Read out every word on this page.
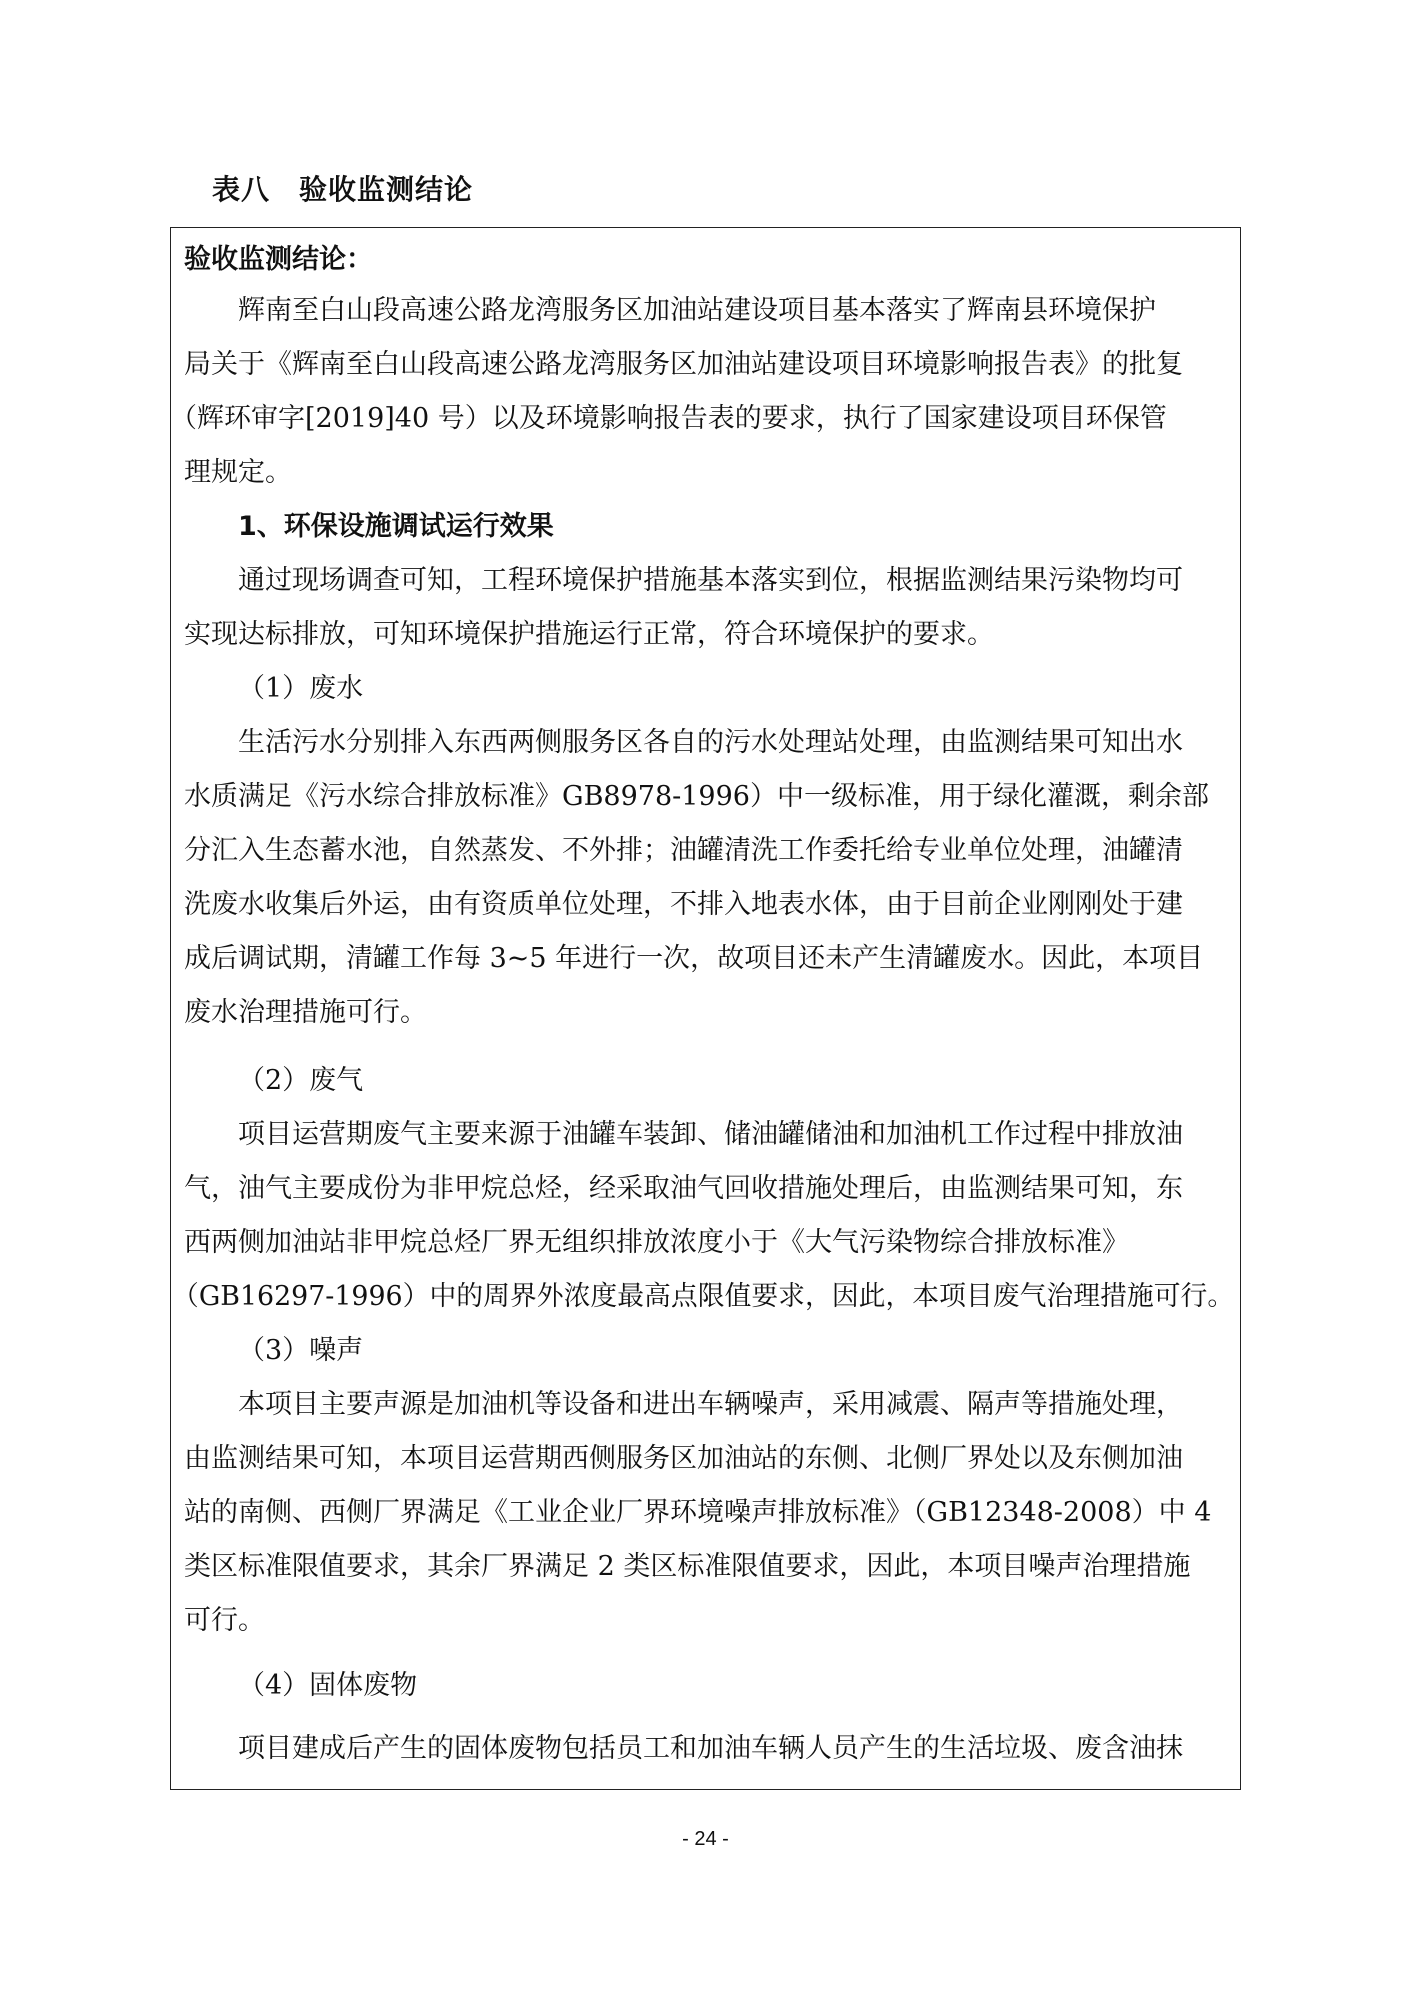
表八　验收监测结论
验收监测结论：
辉南至白山段高速公路龙湾服务区加油站建设项目基本落实了辉南县环境保护
局关于《辉南至白山段高速公路龙湾服务区加油站建设项目环境影响报告表》的批复
（辉环审字[2019]40 号）以及环境影响报告表的要求，执行了国家建设项目环保管
理规定。
1、环保设施调试运行效果
通过现场调查可知，工程环境保护措施基本落实到位，根据监测结果污染物均可
实现达标排放，可知环境保护措施运行正常，符合环境保护的要求。
（1）废水
生活污水分别排入东西两侧服务区各自的污水处理站处理，由监测结果可知出水
水质满足《污水综合排放标准》GB8978-1996）中一级标准，用于绿化灌溉，剩余部
分汇入生态蓄水池，自然蒸发、不外排；油罐清洗工作委托给专业单位处理，油罐清
洗废水收集后外运，由有资质单位处理，不排入地表水体，由于目前企业刚刚处于建
成后调试期，清罐工作每 3~5 年进行一次，故项目还未产生清罐废水。因此，本项目
废水治理措施可行。
（2）废气
项目运营期废气主要来源于油罐车装卸、储油罐储油和加油机工作过程中排放油
气，油气主要成份为非甲烷总烃，经采取油气回收措施处理后，由监测结果可知，东
西两侧加油站非甲烷总烃厂界无组织排放浓度小于《大气污染物综合排放标准》
（GB16297-1996）中的周界外浓度最高点限值要求，因此，本项目废气治理措施可行。
（3）噪声
本项目主要声源是加油机等设备和进出车辆噪声，采用减震、隔声等措施处理，
由监测结果可知，本项目运营期西侧服务区加油站的东侧、北侧厂界处以及东侧加油
站的南侧、西侧厂界满足《工业企业厂界环境噪声排放标准》（GB12348-2008）中 4
类区标准限值要求，其余厂界满足 2 类区标准限值要求，因此，本项目噪声治理措施
可行。
（4）固体废物
项目建成后产生的固体废物包括员工和加油车辆人员产生的生活垃圾、废含油抹
- 24 -
